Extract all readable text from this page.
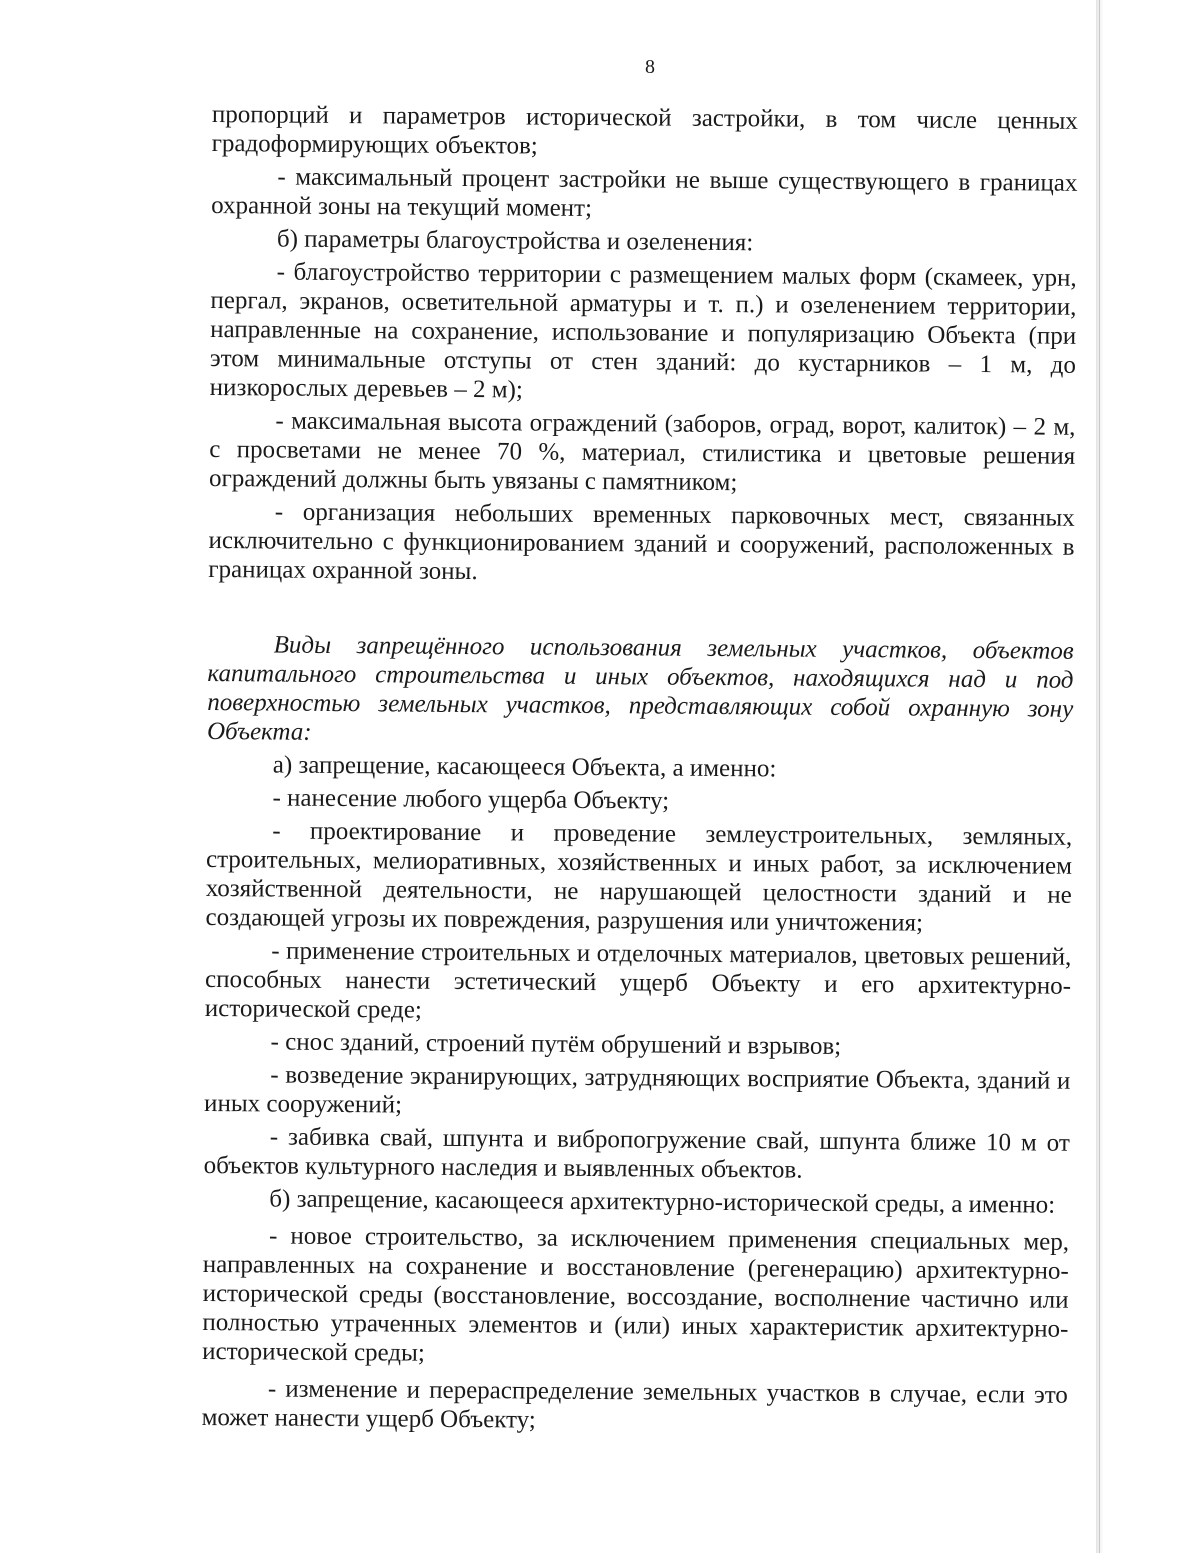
8

пропорций и параметров исторической застройки, в том числе ценных градоформирующих объектов;

- максимальный процент застройки не выше существующего в границах охранной зоны на текущий момент;

б) параметры благоустройства и озеленения:

- благоустройство территории с размещением малых форм (скамеек, урн, пергал, экранов, осветительной арматуры и т. п.) и озеленением территории, направленные на сохранение, использование и популяризацию Объекта (при этом минимальные отступы от стен зданий: до кустарников – 1 м, до низкорослых деревьев – 2 м);

- максимальная высота ограждений (заборов, оград, ворот, калиток) – 2 м, с просветами не менее 70 %, материал, стилистика и цветовые решения ограждений должны быть увязаны с памятником;

- организация небольших временных парковочных мест, связанных исключительно с функционированием зданий и сооружений, расположенных в границах охранной зоны.

Виды запрещённого использования земельных участков, объектов капитального строительства и иных объектов, находящихся над и под поверхностью земельных участков, представляющих собой охранную зону Объекта:

а) запрещение, касающееся Объекта, а именно:

- нанесение любого ущерба Объекту;

- проектирование и проведение землеустроительных, земляных, строительных, мелиоративных, хозяйственных и иных работ, за исключением хозяйственной деятельности, не нарушающей целостности зданий и не создающей угрозы их повреждения, разрушения или уничтожения;

- применение строительных и отделочных материалов, цветовых решений, способных нанести эстетический ущерб Объекту и его архитектурно-исторической среде;

- снос зданий, строений путём обрушений и взрывов;

- возведение экранирующих, затрудняющих восприятие Объекта, зданий и иных сооружений;

- забивка свай, шпунта и вибропогружение свай, шпунта ближе 10 м от объектов культурного наследия и выявленных объектов.

б) запрещение, касающееся архитектурно-исторической среды, а именно:

- новое строительство, за исключением применения специальных мер, направленных на сохранение и восстановление (регенерацию) архитектурно-исторической среды (восстановление, воссоздание, восполнение частично или полностью утраченных элементов и (или) иных характеристик архитектурно-исторической среды;

- изменение и перераспределение земельных участков в случае, если это может нанести ущерб Объекту;
